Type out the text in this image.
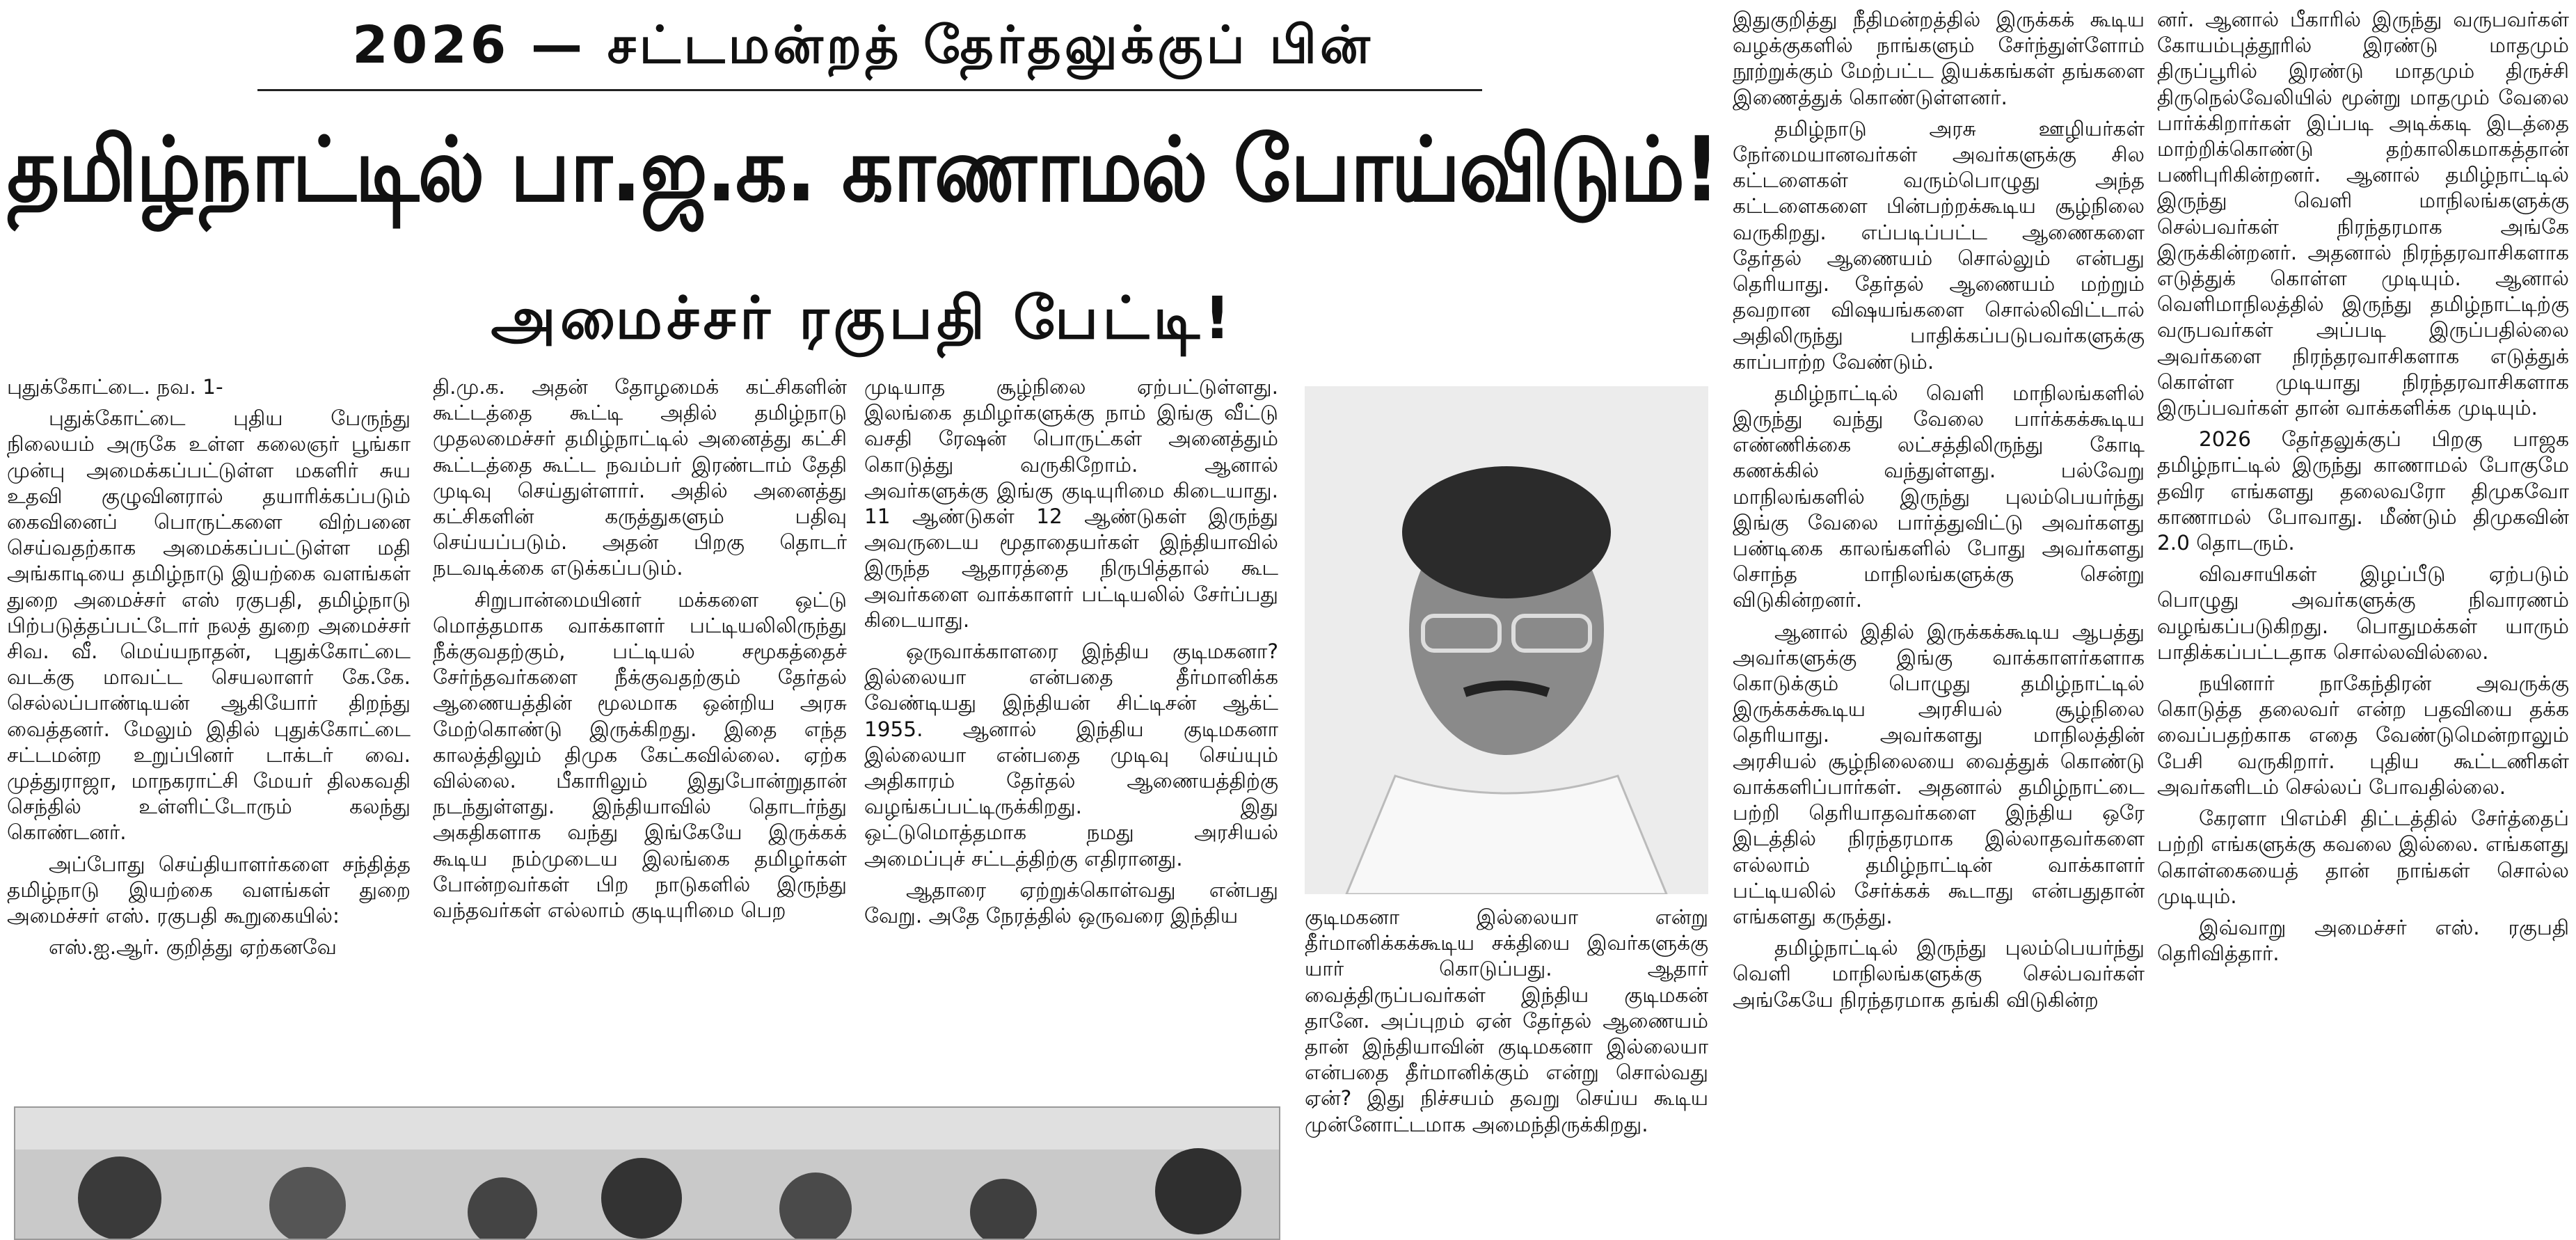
2026 — சட்டமன்றத் தேர்தலுக்குப் பின்
தமிழ்நாட்டில் பா.ஜ.க. காணாமல் போய்விடும்!
அமைச்சர் ரகுபதி பேட்டி!

புதுக்கோட்டை. நவ. 1-

புதுக்கோட்டை புதிய பேருந்து நிலையம் அருகே உள்ள கலைஞர் பூங்கா முன்பு அமைக்கப்பட்டுள்ள மகளிர் சுய உதவி குழுவினரால் தயாரிக்கப்படும் கைவினைப் பொருட்களை விற்பனை செய்வதற்காக அமைக்கப்பட்டுள்ள மதி அங்காடியை தமிழ்நாடு இயற்கை வளங்கள் துறை அமைச்சர் எஸ் ரகுபதி, தமிழ்நாடு பிற்படுத்தப்பட்டோர் நலத் துறை அமைச்சர் சிவ. வீ. மெய்யநாதன், புதுக்கோட்டை வடக்கு மாவட்ட செயலாளர் கே.கே. செல்லப்பாண்டியன் ஆகியோர் திறந்து வைத்தனர். மேலும் இதில் புதுக்கோட்டை சட்டமன்ற உறுப்பினர் டாக்டர் வை. முத்துராஜா, மாநகராட்சி மேயர் திலகவதி செந்தில் உள்ளிட்டோரும் கலந்து கொண்டனர்.

அப்போது செய்தியாளர்களை சந்தித்த தமிழ்நாடு இயற்கை வளங்கள் துறை அமைச்சர் எஸ். ரகுபதி கூறுகையில்:

எஸ்.ஐ.ஆர். குறித்து ஏற்கனவே

தி.மு.க. அதன் தோழமைக் கட்சிகளின் கூட்டத்தை கூட்டி அதில் தமிழ்நாடு முதலமைச்சர் தமிழ்நாட்டில் அனைத்து கட்சி கூட்டத்தை கூட்ட நவம்பர் இரண்டாம் தேதி முடிவு செய்துள்ளார். அதில் அனைத்து கட்சிகளின் கருத்துகளும் பதிவு செய்யப்படும். அதன் பிறகு தொடர் நடவடிக்கை எடுக்கப்படும்.

சிறுபான்மையினர் மக்களை ஒட்டு மொத்தமாக வாக்காளர் பட்டியலிலிருந்து நீக்குவதற்கும், பட்டியல் சமூகத்தைச் சேர்ந்தவர்களை நீக்குவதற்கும் தேர்தல் ஆணையத்தின் மூலமாக ஒன்றிய அரசு மேற்கொண்டு இருக்கிறது. இதை எந்த காலத்திலும் திமுக கேட்கவில்லை. ஏற்க வில்லை. பீகாரிலும் இதுபோன்றுதான் நடந்துள்ளது. இந்தியாவில் தொடர்ந்து அகதிகளாக வந்து இங்கேயே இருக்கக் கூடிய நம்முடைய இலங்கை தமிழர்கள் போன்றவர்கள் பிற நாடுகளில் இருந்து வந்தவர்கள் எல்லாம் குடியுரிமை பெற

முடியாத சூழ்நிலை ஏற்பட்டுள்ளது. இலங்கை தமிழர்களுக்கு நாம் இங்கு வீட்டு வசதி ரேஷன் பொருட்கள் அனைத்தும் கொடுத்து வருகிறோம். ஆனால் அவர்களுக்கு இங்கு குடியுரிமை கிடையாது. 11 ஆண்டுகள் 12 ஆண்டுகள் இருந்து அவருடைய மூதாதையர்கள் இந்தியாவில் இருந்த ஆதாரத்தை நிருபித்தால் கூட அவர்களை வாக்காளர் பட்டியலில் சேர்ப்பது கிடையாது.

ஒருவாக்காளரை இந்திய குடிமகனா? இல்லையா என்பதை தீர்மானிக்க வேண்டியது இந்தியன் சிட்டிசன் ஆக்ட் 1955. ஆனால் இந்திய குடிமகனா இல்லையா என்பதை முடிவு செய்யும் அதிகாரம் தேர்தல் ஆணையத்திற்கு வழங்கப்பட்டிருக்கிறது. இது ஒட்டுமொத்தமாக நமது அரசியல் அமைப்புச் சட்டத்திற்கு எதிரானது.

ஆதாரை ஏற்றுக்கொள்வது என்பது வேறு. அதே நேரத்தில் ஒருவரை இந்திய	குடிமகனா இல்லையா என்று தீர்மானிக்கக்கூடிய சக்தியை இவர்களுக்கு யார் கொடுப்பது. ஆதார் வைத்திருப்பவர்கள் இந்திய குடிமகன் தானே. அப்புறம் ஏன் தேர்தல் ஆணையம் தான் இந்தியாவின் குடிமகனா இல்லையா என்பதை தீர்மானிக்கும் என்று சொல்வது ஏன்? இது நிச்சயம் தவறு செய்ய கூடிய முன்னோட்டமாக அமைந்திருக்கிறது.

இதுகுறித்து நீதிமன்றத்தில் இருக்கக் கூடிய வழக்குகளில் நாங்களும் சேர்ந்துள்ளோம் நூற்றுக்கும் மேற்பட்ட இயக்கங்கள் தங்களை இணைத்துக் கொண்டுள்ளனர்.

தமிழ்நாடு அரசு ஊழியர்கள் நேர்மையானவர்கள் அவர்களுக்கு சில கட்டளைகள் வரும்பொழுது அந்த கட்டளைகளை பின்பற்றக்கூடிய சூழ்நிலை வருகிறது. எப்படிப்பட்ட ஆணைகளை தேர்தல் ஆணையம் சொல்லும் என்பது தெரியாது. தேர்தல் ஆணையம் மற்றும் தவறான விஷயங்களை சொல்லிவிட்டால் அதிலிருந்து பாதிக்கப்படுபவர்களுக்கு காப்பாற்ற வேண்டும்.

தமிழ்நாட்டில் வெளி மாநிலங்களில் இருந்து வந்து வேலை பார்க்கக்கூடிய எண்ணிக்கை லட்சத்திலிருந்து கோடி கணக்கில் வந்துள்ளது. பல்வேறு மாநிலங்களில் இருந்து புலம்பெயர்ந்து இங்கு வேலை பார்த்துவிட்டு அவர்களது பண்டிகை காலங்களில் போது அவர்களது சொந்த மாநிலங்களுக்கு சென்று விடுகின்றனர்.

ஆனால் இதில் இருக்கக்கூடிய ஆபத்து அவர்களுக்கு இங்கு வாக்காளர்களாக கொடுக்கும் பொழுது தமிழ்நாட்டில் இருக்கக்கூடிய அரசியல் சூழ்நிலை தெரியாது. அவர்களது மாநிலத்தின் அரசியல் சூழ்நிலையை வைத்துக் கொண்டு வாக்களிப்பார்கள். அதனால் தமிழ்நாட்டை பற்றி தெரியாதவர்களை இந்திய ஒரே இடத்தில் நிரந்தரமாக இல்லாதவர்களை எல்லாம் தமிழ்நாட்டின் வாக்காளர் பட்டியலில் சேர்க்கக் கூடாது என்பதுதான் எங்களது கருத்து.

தமிழ்நாட்டில் இருந்து புலம்பெயர்ந்து வெளி மாநிலங்களுக்கு செல்பவர்கள் அங்கேயே நிரந்தரமாக தங்கி விடுகின்ற

னர். ஆனால் பீகாரில் இருந்து வருபவர்கள் கோயம்புத்தூரில் இரண்டு மாதமும் திருப்பூரில் இரண்டு மாதமும் திருச்சி திருநெல்வேலியில் மூன்று மாதமும் வேலை பார்க்கிறார்கள் இப்படி அடிக்கடி இடத்தை மாற்றிக்கொண்டு தற்காலிகமாகத்தான் பணிபுரிகின்றனர். ஆனால் தமிழ்நாட்டில் இருந்து வெளி மாநிலங்களுக்கு செல்பவர்கள் நிரந்தரமாக அங்கே இருக்கின்றனர். அதனால் நிரந்தரவாசிகளாக எடுத்துக் கொள்ள முடியும். ஆனால் வெளிமாநிலத்தில் இருந்து தமிழ்நாட்டிற்கு வருபவர்கள் அப்படி இருப்பதில்லை அவர்களை நிரந்தரவாசிகளாக எடுத்துக் கொள்ள முடியாது நிரந்தரவாசிகளாக இருப்பவர்கள் தான் வாக்களிக்க முடியும்.

2026 தேர்தலுக்குப் பிறகு பாஜக தமிழ்நாட்டில் இருந்து காணாமல் போகுமே தவிர எங்களது தலைவரோ திமுகவோ காணாமல் போவாது. மீண்டும் திமுகவின் 2.0 தொடரும்.

விவசாயிகள் இழப்பீடு ஏற்படும் பொழுது அவர்களுக்கு நிவாரணம் வழங்கப்படுகிறது. பொதுமக்கள் யாரும் பாதிக்கப்பட்டதாக சொல்லவில்லை.

நயினார் நாகேந்திரன் அவருக்கு கொடுத்த தலைவர் என்ற பதவியை தக்க வைப்பதற்காக எதை வேண்டுமென்றாலும் பேசி வருகிறார். புதிய கூட்டணிகள் அவர்களிடம் செல்லப் போவதில்லை.

கேரளா பிஎம்சி திட்டத்தில் சேர்த்தைப் பற்றி எங்களுக்கு கவலை இல்லை. எங்களது கொள்கையைத் தான் நாங்கள் சொல்ல முடியும்.

இவ்வாறு அமைச்சர் எஸ். ரகுபதி தெரிவித்தார்.
